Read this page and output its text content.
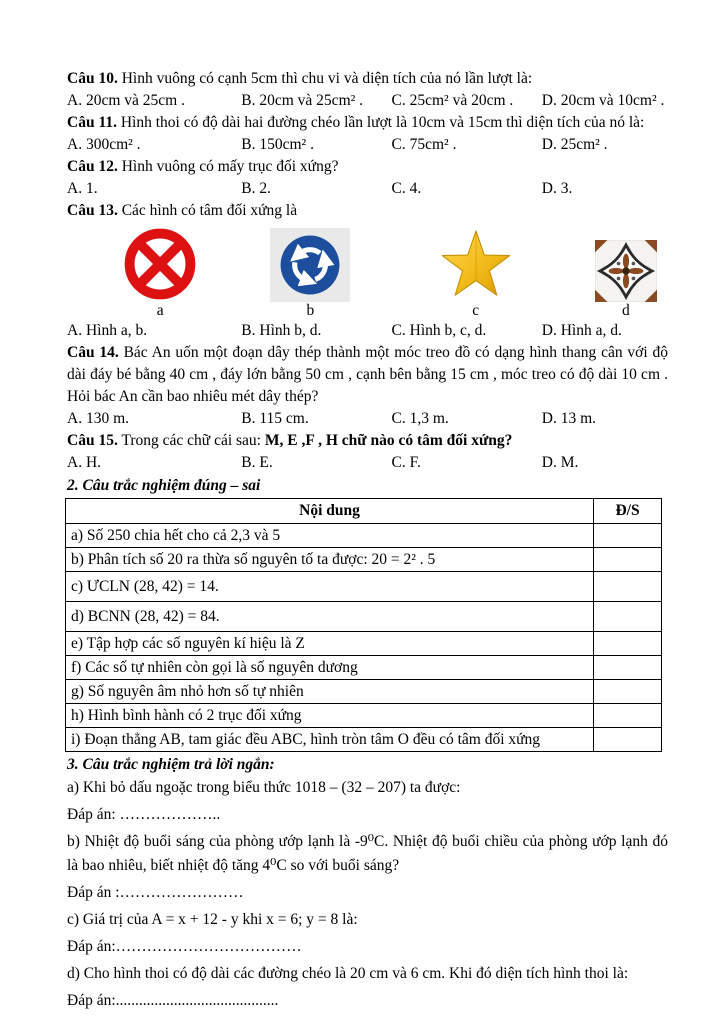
Câu 10. Hình vuông có cạnh 5cm thì chu vi và diện tích của nó lần lượt là:

A. 20cm và 25cm .	B. 20cm và 25cm² .	C. 25cm² và 20cm .	D. 20cm và 10cm² .

Câu 11. Hình thoi có độ dài hai đường chéo lần lượt là 10cm và 15cm thì diện tích của nó là:

A. 300cm² .	B. 150cm² .	C. 75cm² .	D. 25cm² .

Câu 12. Hình vuông có mấy trục đối xứng?

A. 1.	B. 2.	C. 4.	D. 3.

Câu 13. Các hình có tâm đối xứng là

a	b	c	d
A. Hình a, b.	B. Hình b, d.	C. Hình b, c, d.	D. Hình a, d.

Câu 14. Bác An uốn một đoạn dây thép thành một móc treo đồ có dạng hình thang cân với độ dài đáy bé bằng 40 cm , đáy lớn bằng 50 cm , cạnh bên bằng 15 cm , móc treo có độ dài 10 cm . Hỏi bác An cần bao nhiêu mét dây thép?

A. 130 m.	B. 115 cm.	C. 1,3 m.	D. 13 m.

Câu 15. Trong các chữ cái sau: M, E ,F , H chữ nào có tâm đối xứng?

A. H.	B. E.	C. F.	D. M.

2. Câu trắc nghiệm đúng – sai

Nội dung	Đ/S
a) Số 250 chia hết cho cả 2,3 và 5	
b) Phân tích số 20 ra thừa số nguyên tố ta được: 20 = 2² . 5	
c) ƯCLN (28, 42) = 14.	
d) BCNN (28, 42) = 84.	
e) Tập hợp các số nguyên kí hiệu là Z	
f) Các số tự nhiên còn gọi là số nguyên dương	
g) Số nguyên âm nhỏ hơn số tự nhiên	
h) Hình bình hành có 2 trục đối xứng	
i) Đoạn thẳng AB, tam giác đều ABC, hình tròn tâm O đều có tâm đối xứng	

3. Câu trắc nghiệm trả lời ngắn:

a) Khi bỏ dấu ngoặc trong biểu thức 1018 – (32 – 207) ta được:

Đáp án: ………………..

b) Nhiệt độ buổi sáng của phòng ướp lạnh là -9⁰C. Nhiệt độ buổi chiều của phòng ướp lạnh đó là bao nhiêu, biết nhiệt độ tăng 4⁰C so với buổi sáng?

Đáp án :……………………

c) Giá trị của A = x + 12 - y khi x = 6; y = 8 là:

Đáp án:………………………………

d) Cho hình thoi có độ dài các đường chéo là 20 cm và 6 cm. Khi đó diện tích hình thoi là:

Đáp án:..........................................
